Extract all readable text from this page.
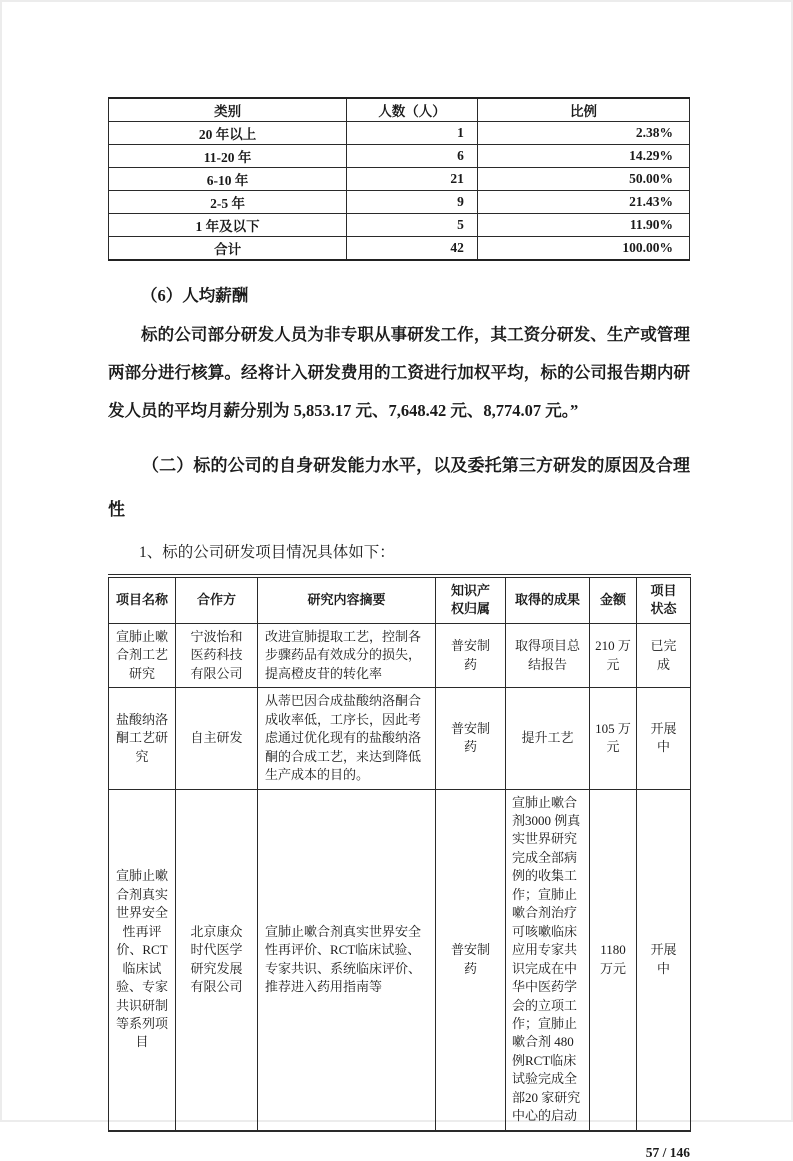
类别	人数（人）	比例
20 年以上	1	2.38%
11-20 年	6	14.29%
6-10 年	21	50.00%
2-5 年	9	21.43%
1 年及以下	5	11.90%
合计	42	100.00%
（6）人均薪酬

标的公司部分研发人员为非专职从事研发工作，其工资分研发、生产或管理两部分进行核算。经将计入研发费用的工资进行加权平均，标的公司报告期内研发人员的平均月薪分别为 5,853.17 元、7,648.42 元、8,774.07 元。”

（二）标的公司的自身研发能力水平，以及委托第三方研发的原因及合理性

1、标的公司研发项目情况具体如下：

项目名称	合作方	研究内容摘要	知识产权归属	取得的成果	金额	项目状态
宣肺止嗽合剂工艺研究	宁波怡和医药科技有限公司	改进宣肺提取工艺，控制各步骤药品有效成分的损失，提高橙皮苷的转化率	普安制药	取得项目总结报告	210 万元	已完成
盐酸纳洛酮工艺研究	自主研发	从蒂巴因合成盐酸纳洛酮合成收率低，工序长，因此考虑通过优化现有的盐酸纳洛酮的合成工艺，来达到降低生产成本的目的。	普安制药	提升工艺	105 万元	开展中
宣肺止嗽合剂真实世界安全性再评价、RCT临床试验、专家共识研制等系列项目	北京康众时代医学研究发展有限公司	宣肺止嗽合剂真实世界安全性再评价、RCT临床试验、专家共识、系统临床评价、推荐进入药用指南等	普安制药	宣肺止嗽合剂3000 例真实世界研究完成全部病例的收集工作；宣肺止嗽合剂治疗可咳嗽临床应用专家共识完成在中华中医药学会的立项工作；宣肺止嗽合剂 480 例RCT临床试验完成全部20 家研究中心的启动	1180 万元	开展中
57 / 146
